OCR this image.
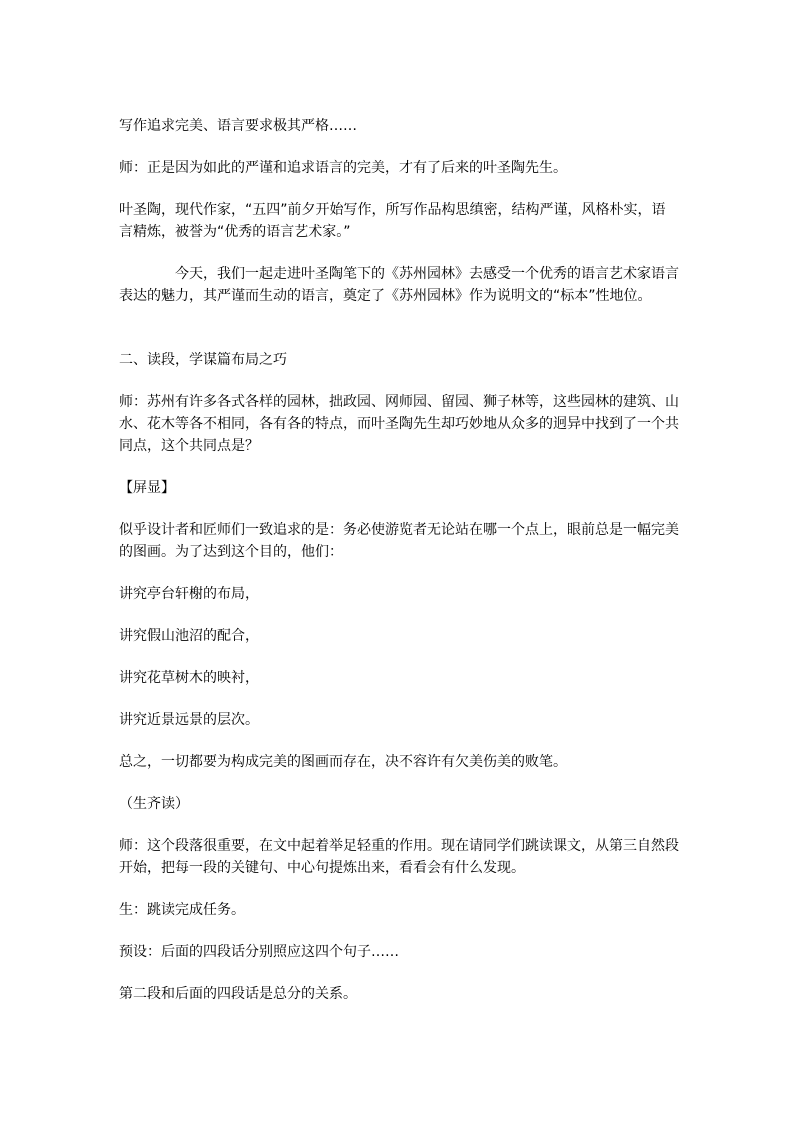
写作追求完美、语言要求极其严格……

师：正是因为如此的严谨和追求语言的完美，才有了后来的叶圣陶先生。

叶圣陶，现代作家，“五四”前夕开始写作，所写作品构思缜密，结构严谨，风格朴实，语言精炼，被誉为“优秀的语言艺术家。”

今天，我们一起走进叶圣陶笔下的《苏州园林》去感受一个优秀的语言艺术家语言表达的魅力，其严谨而生动的语言，奠定了《苏州园林》作为说明文的“标本”性地位。

二、读段，学谋篇布局之巧

师：苏州有许多各式各样的园林，拙政园、网师园、留园、狮子林等，这些园林的建筑、山水、花木等各不相同，各有各的特点，而叶圣陶先生却巧妙地从众多的迥异中找到了一个共同点，这个共同点是？

【屏显】

似乎设计者和匠师们一致追求的是：务必使游览者无论站在哪一个点上，眼前总是一幅完美的图画。为了达到这个目的，他们：

讲究亭台轩榭的布局，

讲究假山池沼的配合，

讲究花草树木的映衬，

讲究近景远景的层次。

总之，一切都要为构成完美的图画而存在，决不容许有欠美伤美的败笔。

（生齐读）

师：这个段落很重要，在文中起着举足轻重的作用。现在请同学们跳读课文，从第三自然段开始，把每一段的关键句、中心句提炼出来，看看会有什么发现。

生：跳读完成任务。

预设：后面的四段话分别照应这四个句子……

第二段和后面的四段话是总分的关系。
